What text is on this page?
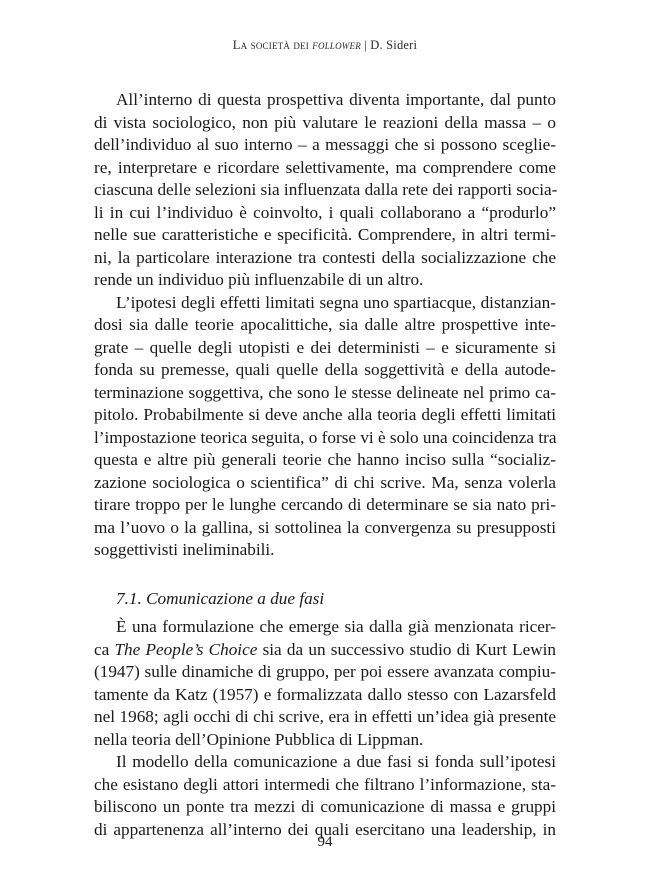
La società dei follower | D. Sideri

All’interno di questa prospettiva diventa importante, dal punto
di vista sociologico, non più valutare le reazioni della massa – o
dell’individuo al suo interno – a messaggi che si possono sceglie-
re, interpretare e ricordare selettivamente, ma comprendere come
ciascuna delle selezioni sia influenzata dalla rete dei rapporti socia-
li in cui l’individuo è coinvolto, i quali collaborano a “produrlo”
nelle sue caratteristiche e specificità. Comprendere, in altri termi-
ni, la particolare interazione tra contesti della socializzazione che
rende un individuo più influenzabile di un altro.

L’ipotesi degli effetti limitati segna uno spartiacque, distanzian-
dosi sia dalle teorie apocalittiche, sia dalle altre prospettive inte-
grate – quelle degli utopisti e dei deterministi – e sicuramente si
fonda su premesse, quali quelle della soggettività e della autode-
terminazione soggettiva, che sono le stesse delineate nel primo ca-
pitolo. Probabilmente si deve anche alla teoria degli effetti limitati
l’impostazione teorica seguita, o forse vi è solo una coincidenza tra
questa e altre più generali teorie che hanno inciso sulla “socializ-
zazione sociologica o scientifica” di chi scrive. Ma, senza volerla
tirare troppo per le lunghe cercando di determinare se sia nato pri-
ma l’uovo o la gallina, si sottolinea la convergenza su presupposti
soggettivisti ineliminabili.

7.1. Comunicazione a due fasi

È una formulazione che emerge sia dalla già menzionata ricer-
ca The People’s Choice sia da un successivo studio di Kurt Lewin
(1947) sulle dinamiche di gruppo, per poi essere avanzata compiu-
tamente da Katz (1957) e formalizzata dallo stesso con Lazarsfeld
nel 1968; agli occhi di chi scrive, era in effetti un’idea già presente
nella teoria dell’Opinione Pubblica di Lippman.

Il modello della comunicazione a due fasi si fonda sull’ipotesi
che esistano degli attori intermedi che filtrano l’informazione, sta-
biliscono un ponte tra mezzi di comunicazione di massa e gruppi
di appartenenza all’interno dei quali esercitano una leadership, in

94
